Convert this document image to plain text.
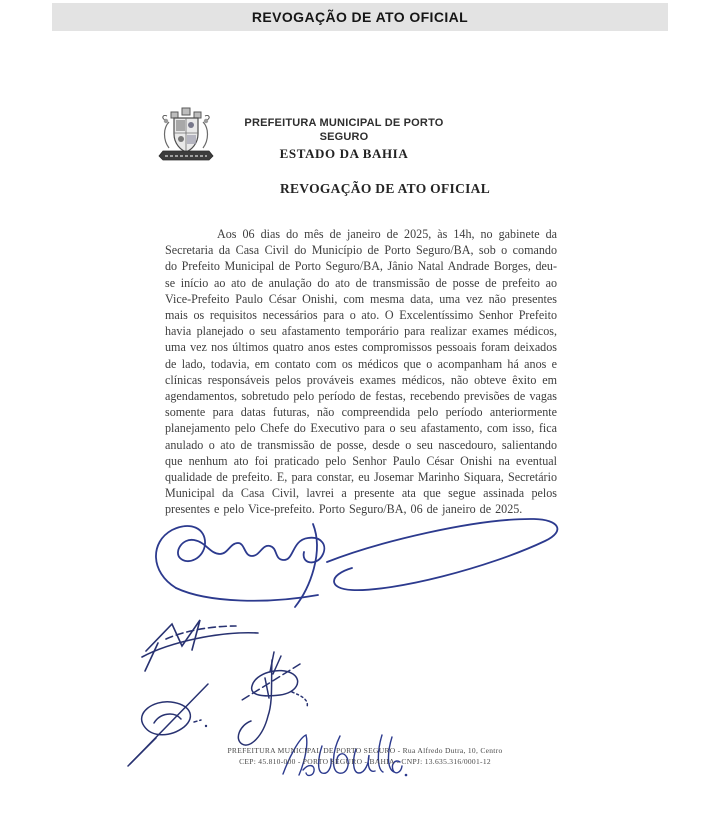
REVOGAÇÃO DE ATO OFICIAL
PREFEITURA MUNICIPAL DE PORTO SEGURO
ESTADO DA BAHIA
REVOGAÇÃO DE ATO OFICIAL
Aos 06 dias do mês de janeiro de 2025, às 14h, no gabinete da Secretaria da Casa Civil do Município de Porto Seguro/BA, sob o comando do Prefeito Municipal de Porto Seguro/BA, Jânio Natal Andrade Borges, deu-se início ao ato de anulação do ato de transmissão de posse de prefeito ao Vice-Prefeito Paulo César Onishi, com mesma data, uma vez não presentes mais os requisitos necessários para o ato. O Excelentíssimo Senhor Prefeito havia planejado o seu afastamento temporário para realizar exames médicos, uma vez nos últimos quatro anos estes compromissos pessoais foram deixados de lado, todavia, em contato com os médicos que o acompanham há anos e clínicas responsáveis pelos prováveis exames médicos, não obteve êxito em agendamentos, sobretudo pelo período de festas, recebendo previsões de vagas somente para datas futuras, não compreendida pelo período anteriormente planejamento pelo Chefe do Executivo para o seu afastamento, com isso, fica anulado o ato de transmissão de posse, desde o seu nascedouro, salientando que nenhum ato foi praticado pelo Senhor Paulo César Onishi na eventual qualidade de prefeito. E, para constar, eu Josemar Marinho Siquara, Secretário Municipal da Casa Civil, lavrei a presente ata que segue assinada pelos presentes e pelo Vice-prefeito. Porto Seguro/BA, 06 de janeiro de 2025.
PREFEITURA MUNICIPAL DE PORTO SEGURO - Rua Alfredo Dutra, 10, Centro
CEP: 45.810-000 - PORTO SEGURO - BAHIA - CNPJ: 13.635.316/0001-12
